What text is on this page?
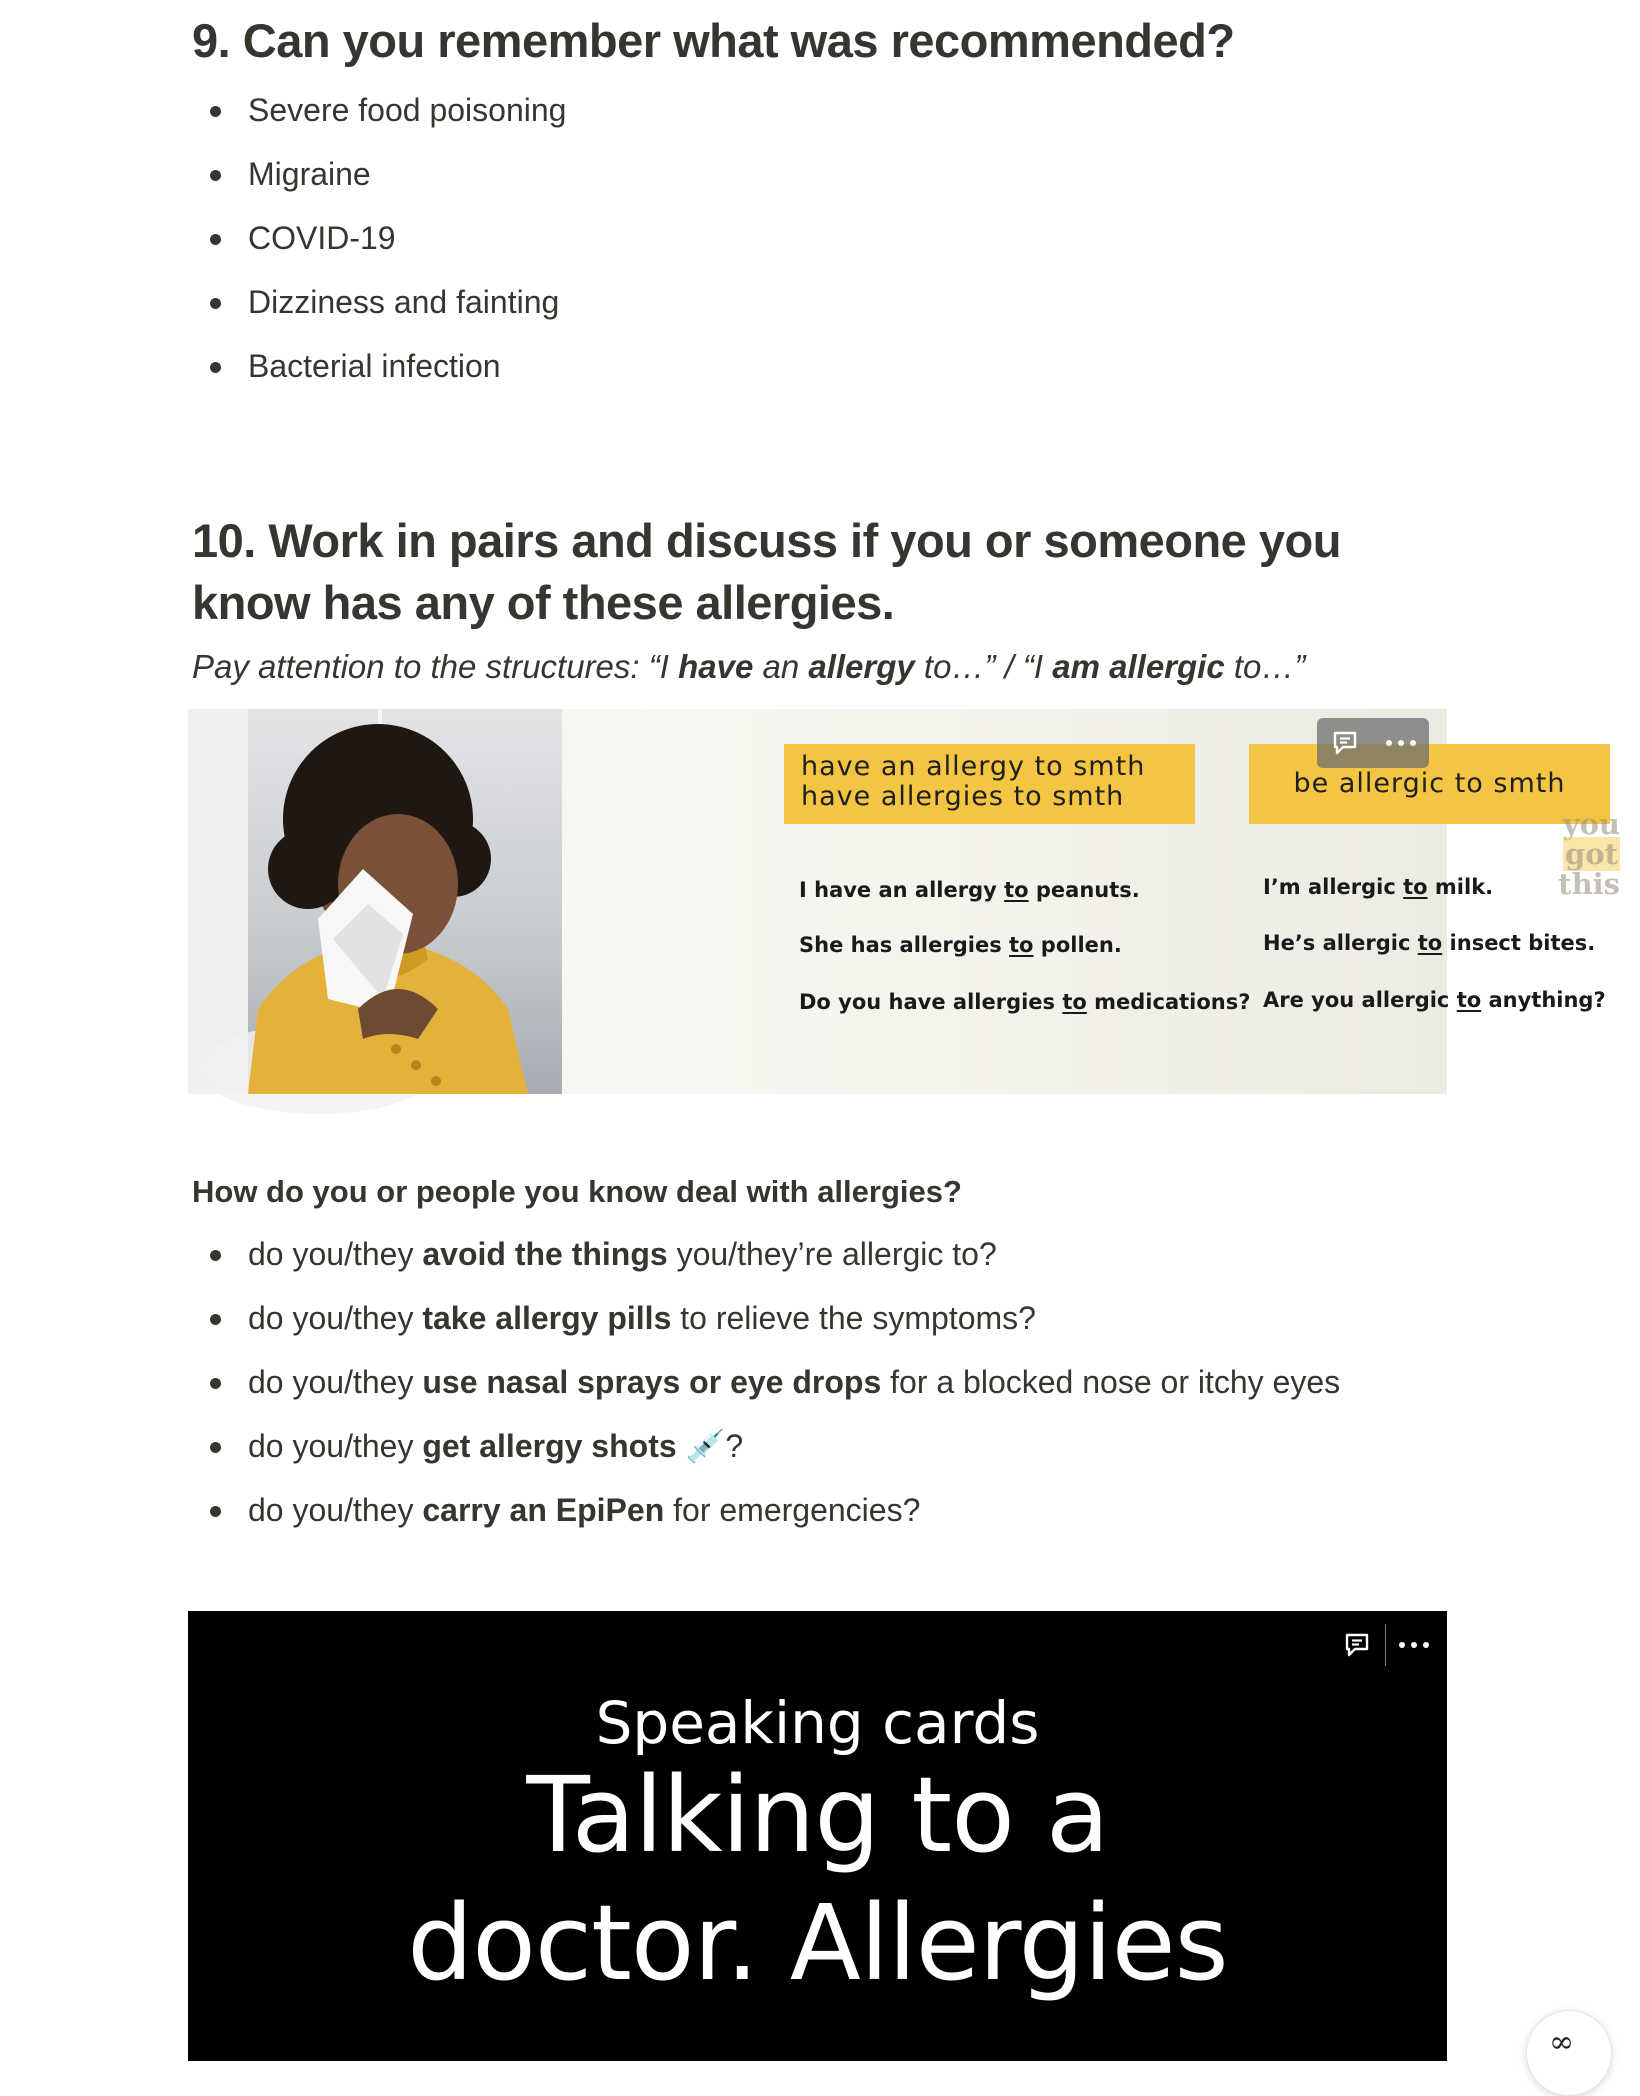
9. Can you remember what was recommended?
Severe food poisoning
Migraine
COVID-19
Dizziness and fainting
Bacterial infection
10. Work in pairs and discuss if you or someone you know has any of these allergies.
Pay attention to the structures: “I have an allergy to…” / “I am allergic to…”
have an allergy to smth
have allergies to smth	be allergic to smth
I have an allergy to peanuts.
She has allergies to pollen.
Do you have allergies to medications?
I’m allergic to milk.
He’s allergic to insect bites.
Are you allergic to anything?
you
got
this
How do you or people you know deal with allergies?
do you/they avoid the things you/they’re allergic to?
do you/they take allergy pills to relieve the symptoms?
do you/they use nasal sprays or eye drops for a blocked nose or itchy eyes
do you/they get allergy shots 💉?
do you/they carry an EpiPen for emergencies?
Speaking cards
Talking to a
doctor. Allergies
∞
